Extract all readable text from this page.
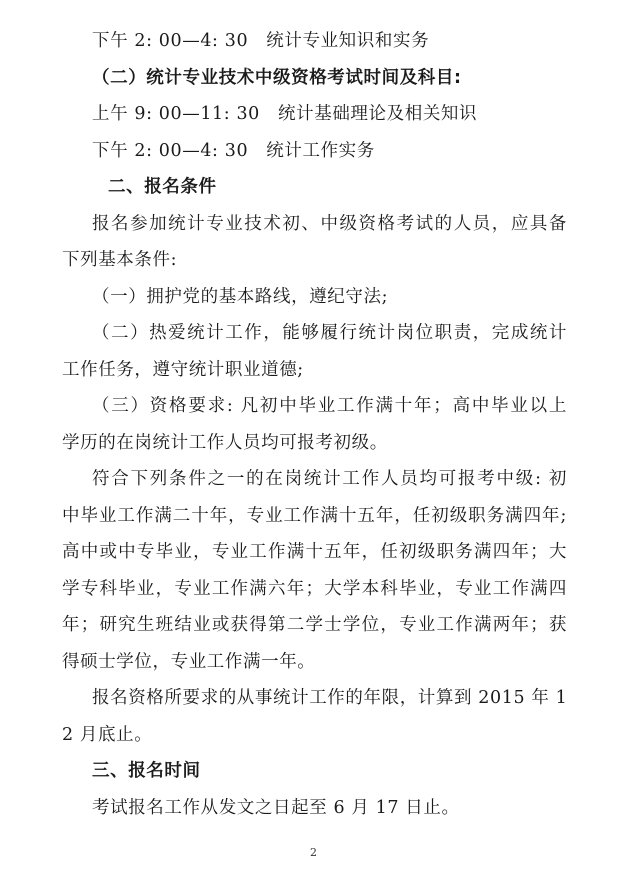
下午 2: 00—4: 30　统计专业知识和实务
（二）统计专业技术中级资格考试时间及科目:
上午 9: 00—11: 30　统计基础理论及相关知识
下午 2: 00—4: 30　统计工作实务
二、报名条件
报名参加统计专业技术初、中级资格考试的人员，应具备
下列基本条件:
（一）拥护党的基本路线，遵纪守法;
（二）热爱统计工作，能够履行统计岗位职责，完成统计
工作任务，遵守统计职业道德;
（三）资格要求: 凡初中毕业工作满十年；高中毕业以上
学历的在岗统计工作人员均可报考初级。
符合下列条件之一的在岗统计工作人员均可报考中级: 初
中毕业工作满二十年，专业工作满十五年，任初级职务满四年;
高中或中专毕业，专业工作满十五年，任初级职务满四年；大
学专科毕业，专业工作满六年；大学本科毕业，专业工作满四
年；研究生班结业或获得第二学士学位，专业工作满两年；获
得硕士学位，专业工作满一年。
报名资格所要求的从事统计工作的年限，计算到 2015 年 1
2 月底止。
三、报名时间
考试报名工作从发文之日起至 6 月 17 日止。
2
